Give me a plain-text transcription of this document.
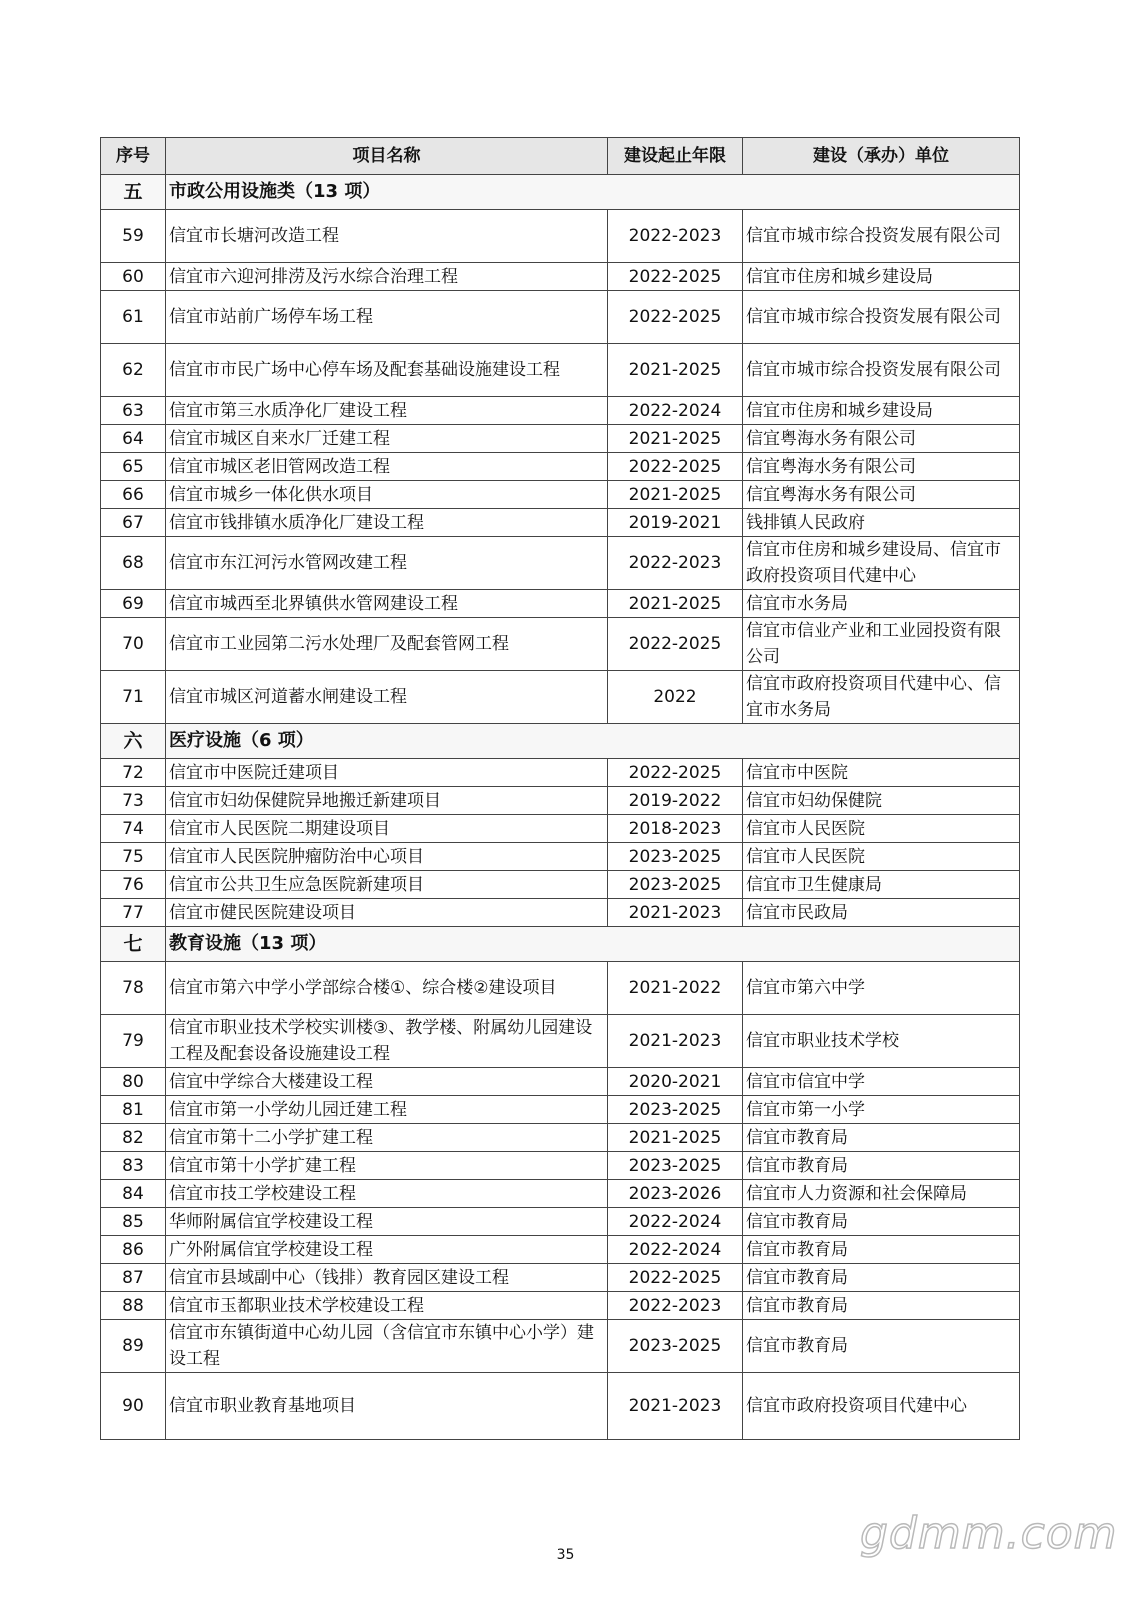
序号	项目名称	建设起止年限	建设（承办）单位
五	市政公用设施类（13 项）		
59	信宜市长塘河改造工程	2022-2023	信宜市城市综合投资发展有限公司
60	信宜市六迎河排涝及污水综合治理工程	2022-2025	信宜市住房和城乡建设局
61	信宜市站前广场停车场工程	2022-2025	信宜市城市综合投资发展有限公司
62	信宜市市民广场中心停车场及配套基础设施建设工程	2021-2025	信宜市城市综合投资发展有限公司
63	信宜市第三水质净化厂建设工程	2022-2024	信宜市住房和城乡建设局
64	信宜市城区自来水厂迁建工程	2021-2025	信宜粤海水务有限公司
65	信宜市城区老旧管网改造工程	2022-2025	信宜粤海水务有限公司
66	信宜市城乡一体化供水项目	2021-2025	信宜粤海水务有限公司
67	信宜市钱排镇水质净化厂建设工程	2019-2021	钱排镇人民政府
68	信宜市东江河污水管网改建工程	2022-2023	信宜市住房和城乡建设局、信宜市政府投资项目代建中心
69	信宜市城西至北界镇供水管网建设工程	2021-2025	信宜市水务局
70	信宜市工业园第二污水处理厂及配套管网工程	2022-2025	信宜市信业产业和工业园投资有限公司
71	信宜市城区河道蓄水闸建设工程	2022	信宜市政府投资项目代建中心、信宜市水务局
六	医疗设施（6 项）		
72	信宜市中医院迁建项目	2022-2025	信宜市中医院
73	信宜市妇幼保健院异地搬迁新建项目	2019-2022	信宜市妇幼保健院
74	信宜市人民医院二期建设项目	2018-2023	信宜市人民医院
75	信宜市人民医院肿瘤防治中心项目	2023-2025	信宜市人民医院
76	信宜市公共卫生应急医院新建项目	2023-2025	信宜市卫生健康局
77	信宜市健民医院建设项目	2021-2023	信宜市民政局
七	教育设施（13 项）		
78	信宜市第六中学小学部综合楼①、综合楼②建设项目	2021-2022	信宜市第六中学
79	信宜市职业技术学校实训楼③、教学楼、附属幼儿园建设工程及配套设备设施建设工程	2021-2023	信宜市职业技术学校
80	信宜中学综合大楼建设工程	2020-2021	信宜市信宜中学
81	信宜市第一小学幼儿园迁建工程	2023-2025	信宜市第一小学
82	信宜市第十二小学扩建工程	2021-2025	信宜市教育局
83	信宜市第十小学扩建工程	2023-2025	信宜市教育局
84	信宜市技工学校建设工程	2023-2026	信宜市人力资源和社会保障局
85	华师附属信宜学校建设工程	2022-2024	信宜市教育局
86	广外附属信宜学校建设工程	2022-2024	信宜市教育局
87	信宜市县域副中心（钱排）教育园区建设工程	2022-2025	信宜市教育局
88	信宜市玉都职业技术学校建设工程	2022-2023	信宜市教育局
89	信宜市东镇街道中心幼儿园（含信宜市东镇中心小学）建设工程	2023-2025	信宜市教育局
90	信宜市职业教育基地项目	2021-2023	信宜市政府投资项目代建中心
35	gdmm.com
